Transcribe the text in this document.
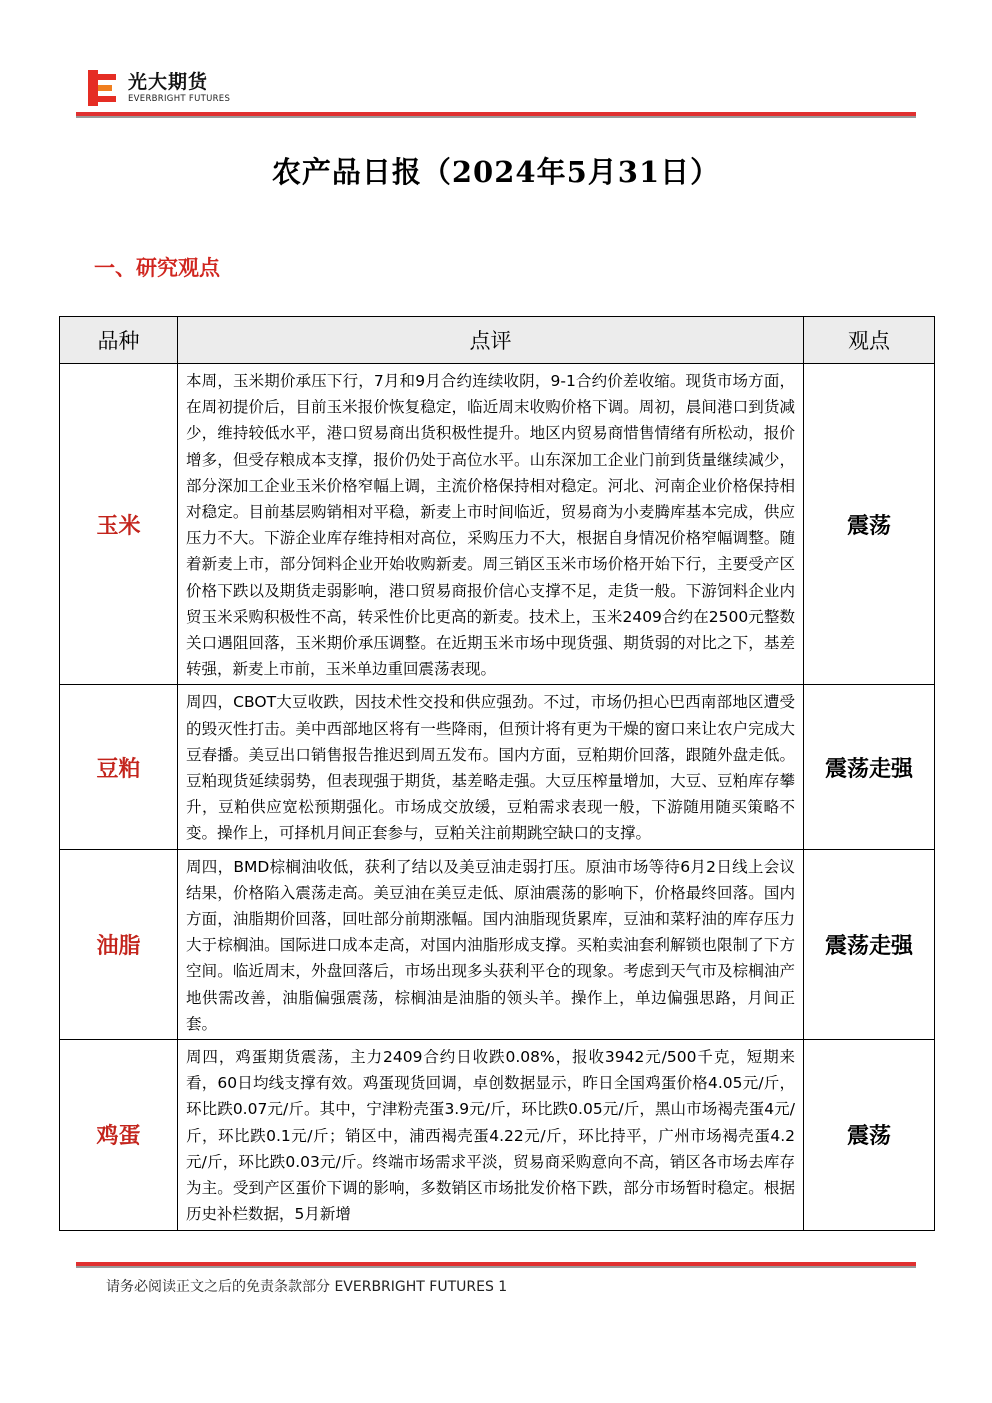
光大期货
EVERBRIGHT FUTURES
农产品日报（2024年5月31日）
一、研究观点
品种	点评	观点
玉米	本周，玉米期价承压下行，7月和9月合约连续收阴，9-1合约价差收缩。现货市场方面，在周初提价后，目前玉米报价恢复稳定，临近周末收购价格下调。周初，晨间港口到货减少，维持较低水平，港口贸易商出货积极性提升。地区内贸易商惜售情绪有所松动，报价增多，但受存粮成本支撑，报价仍处于高位水平。山东深加工企业门前到货量继续减少，部分深加工企业玉米价格窄幅上调，主流价格保持相对稳定。河北、河南企业价格保持相对稳定。目前基层购销相对平稳，新麦上市时间临近，贸易商为小麦腾库基本完成，供应压力不大。下游企业库存维持相对高位，采购压力不大，根据自身情况价格窄幅调整。随着新麦上市，部分饲料企业开始收购新麦。周三销区玉米市场价格开始下行，主要受产区价格下跌以及期货走弱影响，港口贸易商报价信心支撑不足，走货一般。下游饲料企业内贸玉米采购积极性不高，转采性价比更高的新麦。技术上，玉米2409合约在2500元整数关口遇阻回落，玉米期价承压调整。在近期玉米市场中现货强、期货弱的对比之下，基差转强，新麦上市前，玉米单边重回震荡表现。	震荡
豆粕	周四，CBOT大豆收跌，因技术性交投和供应强劲。不过，市场仍担心巴西南部地区遭受的毁灭性打击。美中西部地区将有一些降雨，但预计将有更为干燥的窗口来让农户完成大豆春播。美豆出口销售报告推迟到周五发布。国内方面，豆粕期价回落，跟随外盘走低。豆粕现货延续弱势，但表现强于期货，基差略走强。大豆压榨量增加，大豆、豆粕库存攀升，豆粕供应宽松预期强化。市场成交放缓，豆粕需求表现一般，下游随用随买策略不变。操作上，可择机月间正套参与，豆粕关注前期跳空缺口的支撑。	震荡走强
油脂	周四，BMD棕榈油收低，获利了结以及美豆油走弱打压。原油市场等待6月2日线上会议结果，价格陷入震荡走高。美豆油在美豆走低、原油震荡的影响下，价格最终回落。国内方面，油脂期价回落，回吐部分前期涨幅。国内油脂现货累库，豆油和菜籽油的库存压力大于棕榈油。国际进口成本走高，对国内油脂形成支撑。买粕卖油套利解锁也限制了下方空间。临近周末，外盘回落后，市场出现多头获利平仓的现象。考虑到天气市及棕榈油产地供需改善，油脂偏强震荡，棕榈油是油脂的领头羊。操作上，单边偏强思路，月间正套。	震荡走强
鸡蛋	周四，鸡蛋期货震荡，主力2409合约日收跌0.08%，报收3942元/500千克，短期来看，60日均线支撑有效。鸡蛋现货回调，卓创数据显示，昨日全国鸡蛋价格4.05元/斤，环比跌0.07元/斤。其中，宁津粉壳蛋3.9元/斤，环比跌0.05元/斤，黑山市场褐壳蛋4元/斤，环比跌0.1元/斤；销区中，浦西褐壳蛋4.22元/斤，环比持平，广州市场褐壳蛋4.2元/斤，环比跌0.03元/斤。终端市场需求平淡，贸易商采购意向不高，销区各市场去库存为主。受到产区蛋价下调的影响，多数销区市场批发价格下跌，部分市场暂时稳定。根据历史补栏数据，5月新增	震荡
请务必阅读正文之后的免责条款部分 EVERBRIGHT FUTURES 1
